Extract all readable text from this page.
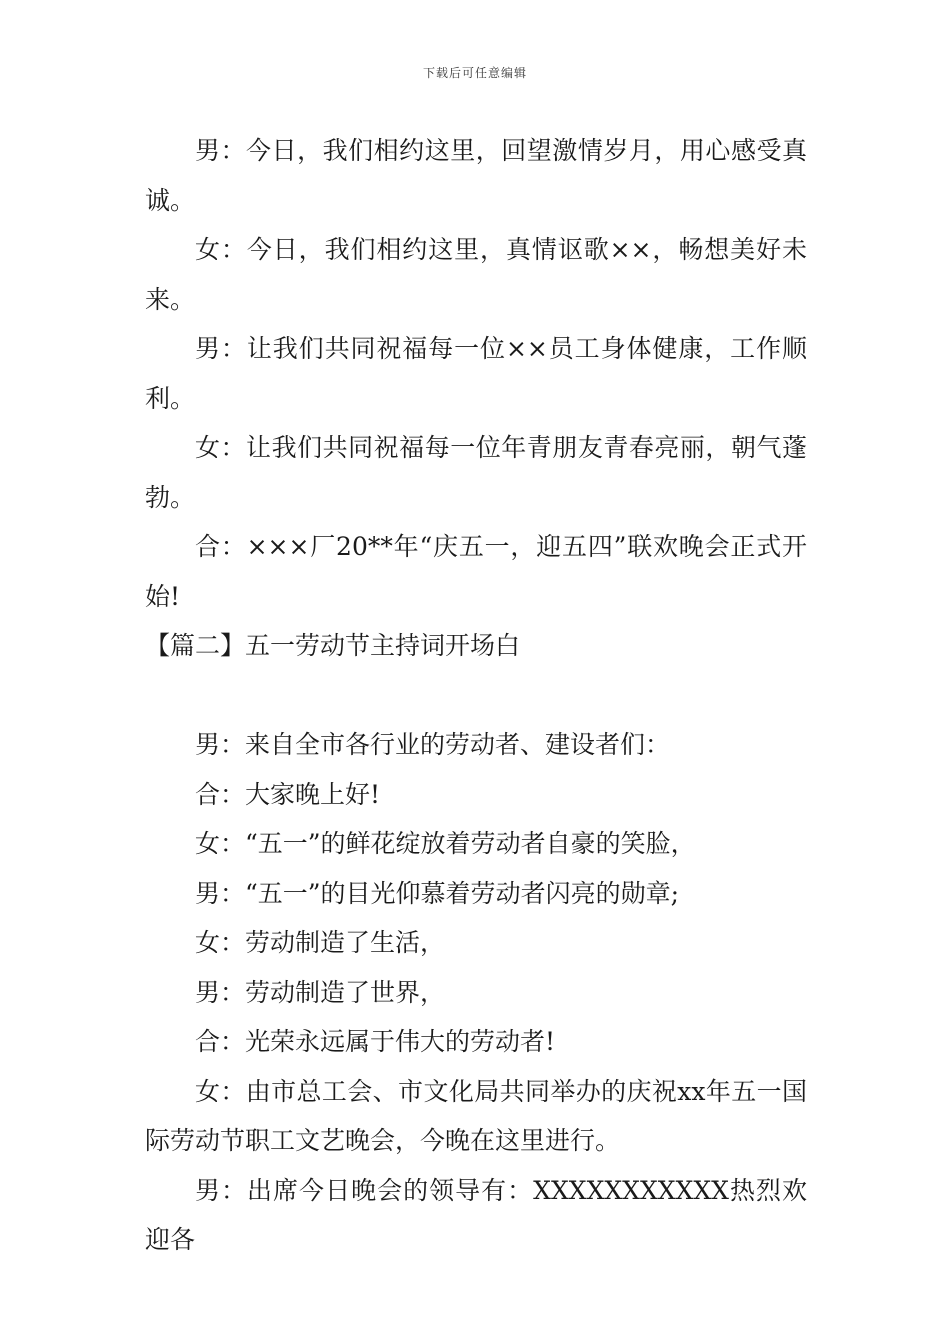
下载后可任意编辑

男：今日，我们相约这里，回望激情岁月，用心感受真诚。

女：今日，我们相约这里，真情讴歌××，畅想美好未来。

男：让我们共同祝福每一位××员工身体健康，工作顺利。

女：让我们共同祝福每一位年青朋友青春亮丽，朝气蓬勃。

合：×××厂20**年“庆五一，迎五四”联欢晚会正式开始!

【篇二】五一劳动节主持词开场白

男：来自全市各行业的劳动者、建设者们：

合：大家晚上好!

女：“五一”的鲜花绽放着劳动者自豪的笑脸，

男：“五一”的目光仰慕着劳动者闪亮的勋章;

女：劳动制造了生活，

男：劳动制造了世界，

合：光荣永远属于伟大的劳动者!

女：由市总工会、市文化局共同举办的庆祝xx年五一国际劳动节职工文艺晚会，今晚在这里进行。

男：出席今日晚会的领导有：XXXXXXXXXXX热烈欢迎各
